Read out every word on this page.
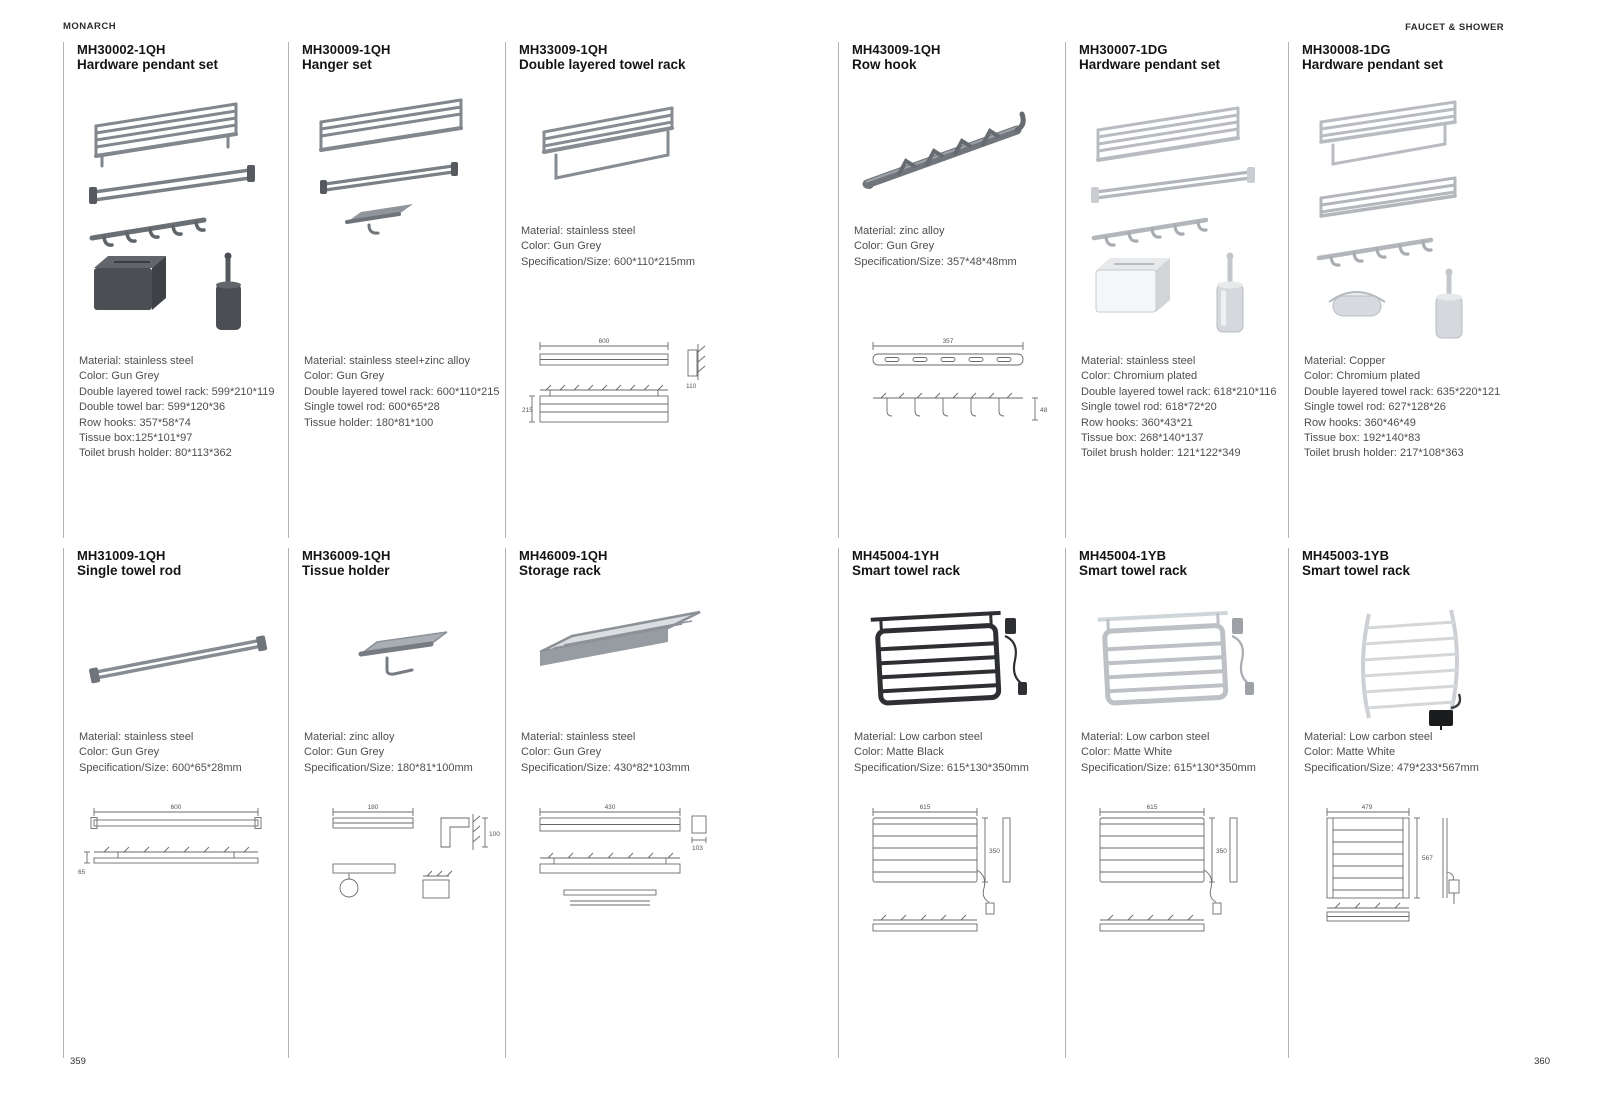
MONARCH	FAUCET & SHOWER
MH30002-1QH
Hardware pendant set
Material: stainless steel
Color: Gun Grey
Double layered towel rack: 599*210*119
Double towel bar: 599*120*36
Row hooks: 357*58*74
Tissue box:125*101*97
Toilet brush holder: 80*113*362
MH30009-1QH
Hanger set
Material: stainless steel+zinc alloy
Color: Gun Grey
Double layered towel rack: 600*110*215
Single towel rod: 600*65*28
Tissue holder: 180*81*100
MH33009-1QH
Double layered towel rack
Material: stainless steel
Color: Gun Grey
Specification/Size: 600*110*215mm
600
215
110
MH43009-1QH
Row hook
Material: zinc alloy
Color: Gun Grey
Specification/Size: 357*48*48mm
357
48
MH30007-1DG
Hardware pendant set
Material: stainless steel
Color: Chromium plated
Double layered towel rack: 618*210*116
Single towel rod: 618*72*20
Row hooks: 360*43*21
Tissue box: 268*140*137
Toilet brush holder: 121*122*349
MH30008-1DG
Hardware pendant set
Material: Copper
Color: Chromium plated
Double layered towel rack: 635*220*121
Single towel rod: 627*128*26
Row hooks: 360*46*49
Tissue box: 192*140*83
Toilet brush holder: 217*108*363
MH31009-1QH
Single towel rod
Material: stainless steel
Color: Gun Grey
Specification/Size: 600*65*28mm
600
65
MH36009-1QH
Tissue holder
Material: zinc alloy
Color: Gun Grey
Specification/Size: 180*81*100mm
180
100
MH46009-1QH
Storage rack
Material: stainless steel
Color: Gun Grey
Specification/Size: 430*82*103mm
430
103
MH45004-1YH
Smart towel rack
Material: Low carbon steel
Color: Matte Black
Specification/Size: 615*130*350mm
615
350
MH45004-1YB
Smart towel rack
Material: Low carbon steel
Color: Matte White
Specification/Size: 615*130*350mm
615
350
MH45003-1YB
Smart towel rack
Material: Low carbon steel
Color: Matte White
Specification/Size: 479*233*567mm
479
567
359	360
